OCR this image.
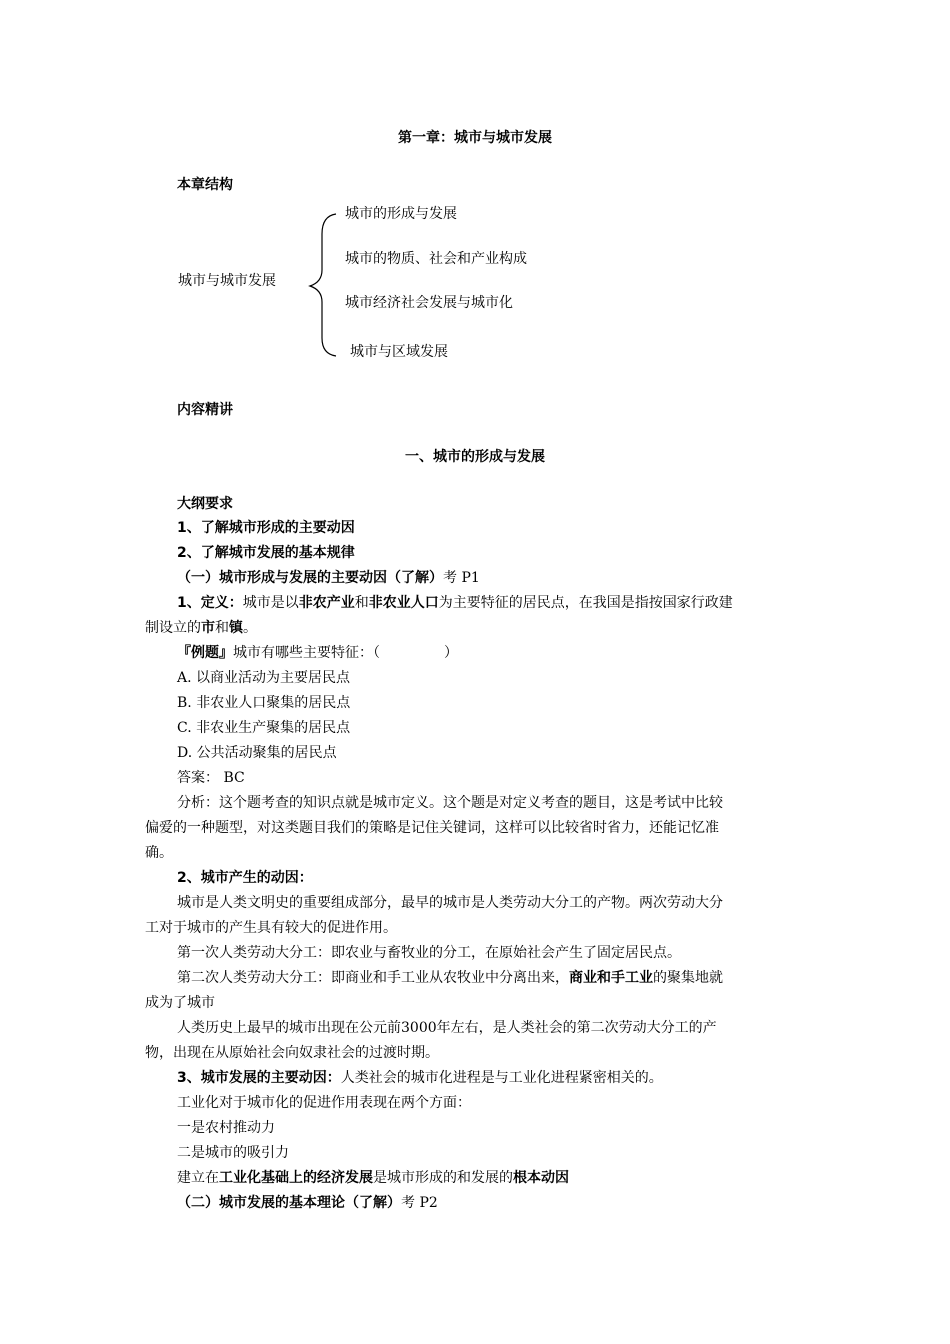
第一章：城市与城市发展
本章结构
城市与城市发展
城市的形成与发展
城市的物质、社会和产业构成
城市经济社会发展与城市化
城市与区域发展
内容精讲
一、城市的形成与发展
大纲要求
1、了解城市形成的主要动因
2、了解城市发展的基本规律
（一）城市形成与发展的主要动因（了解）考 P1
1、定义：城市是以非农产业和非农业人口为主要特征的居民点，在我国是指按国家行政建
制设立的市和镇。
『例题』城市有哪些主要特征：（	）
A. 以商业活动为主要居民点
B. 非农业人口聚集的居民点
C. 非农业生产聚集的居民点
D. 公共活动聚集的居民点
答案： BC
分析：这个题考查的知识点就是城市定义。这个题是对定义考查的题目，这是考试中比较
偏爱的一种题型，对这类题目我们的策略是记住关键词，这样可以比较省时省力，还能记忆准
确。
2、城市产生的动因：
城市是人类文明史的重要组成部分，最早的城市是人类劳动大分工的产物。两次劳动大分
工对于城市的产生具有较大的促进作用。
第一次人类劳动大分工：即农业与畜牧业的分工，在原始社会产生了固定居民点。
第二次人类劳动大分工：即商业和手工业从农牧业中分离出来，商业和手工业的聚集地就
成为了城市
人类历史上最早的城市出现在公元前3000年左右，是人类社会的第二次劳动大分工的产
物，出现在从原始社会向奴隶社会的过渡时期。
3、城市发展的主要动因：人类社会的城市化进程是与工业化进程紧密相关的。
工业化对于城市化的促进作用表现在两个方面：
一是农村推动力
二是城市的吸引力
建立在工业化基础上的经济发展是城市形成的和发展的根本动因
（二）城市发展的基本理论（了解）考 P2
